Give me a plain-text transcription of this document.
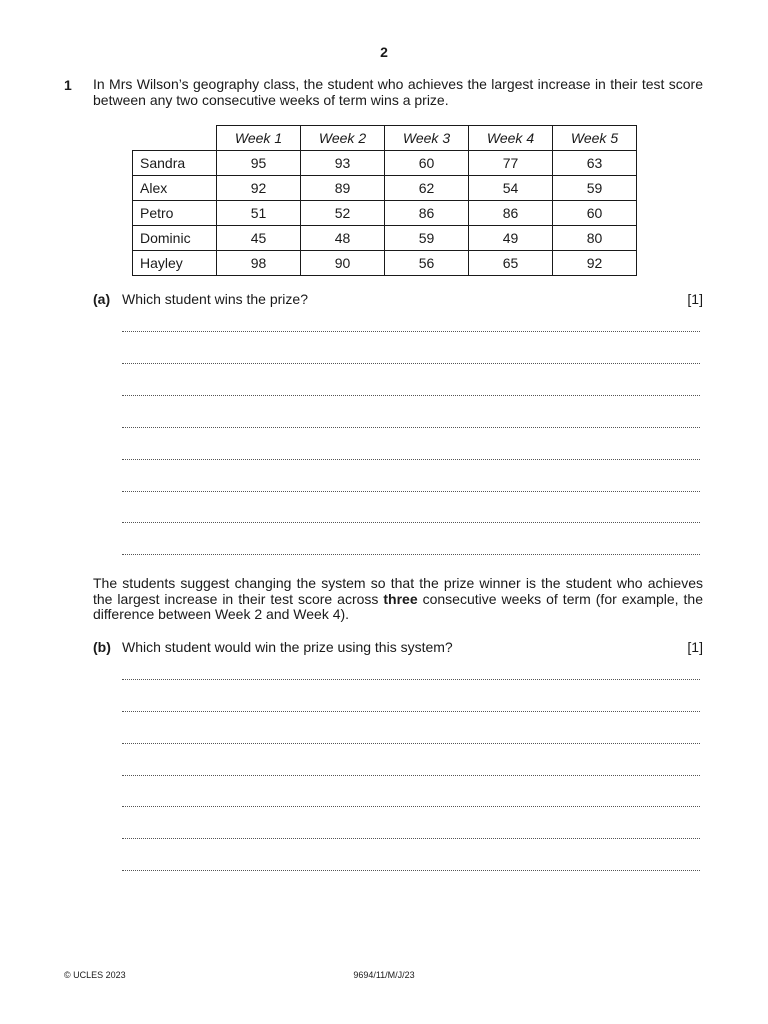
2
1 In Mrs Wilson’s geography class, the student who achieves the largest increase in their test score between any two consecutive weeks of term wins a prize.
	Week 1	Week 2	Week 3	Week 4	Week 5
Sandra	95	93	60	77	63
Alex	92	89	62	54	59
Petro	51	52	86	86	60
Dominic	45	48	59	49	80
Hayley	98	90	56	65	92
(a) Which student wins the prize?	[1]
The students suggest changing the system so that the prize winner is the student who achieves the largest increase in their test score across three consecutive weeks of term (for example, the difference between Week 2 and Week 4).
(b) Which student would win the prize using this system?	[1]
© UCLES 2023	9694/11/M/J/23
